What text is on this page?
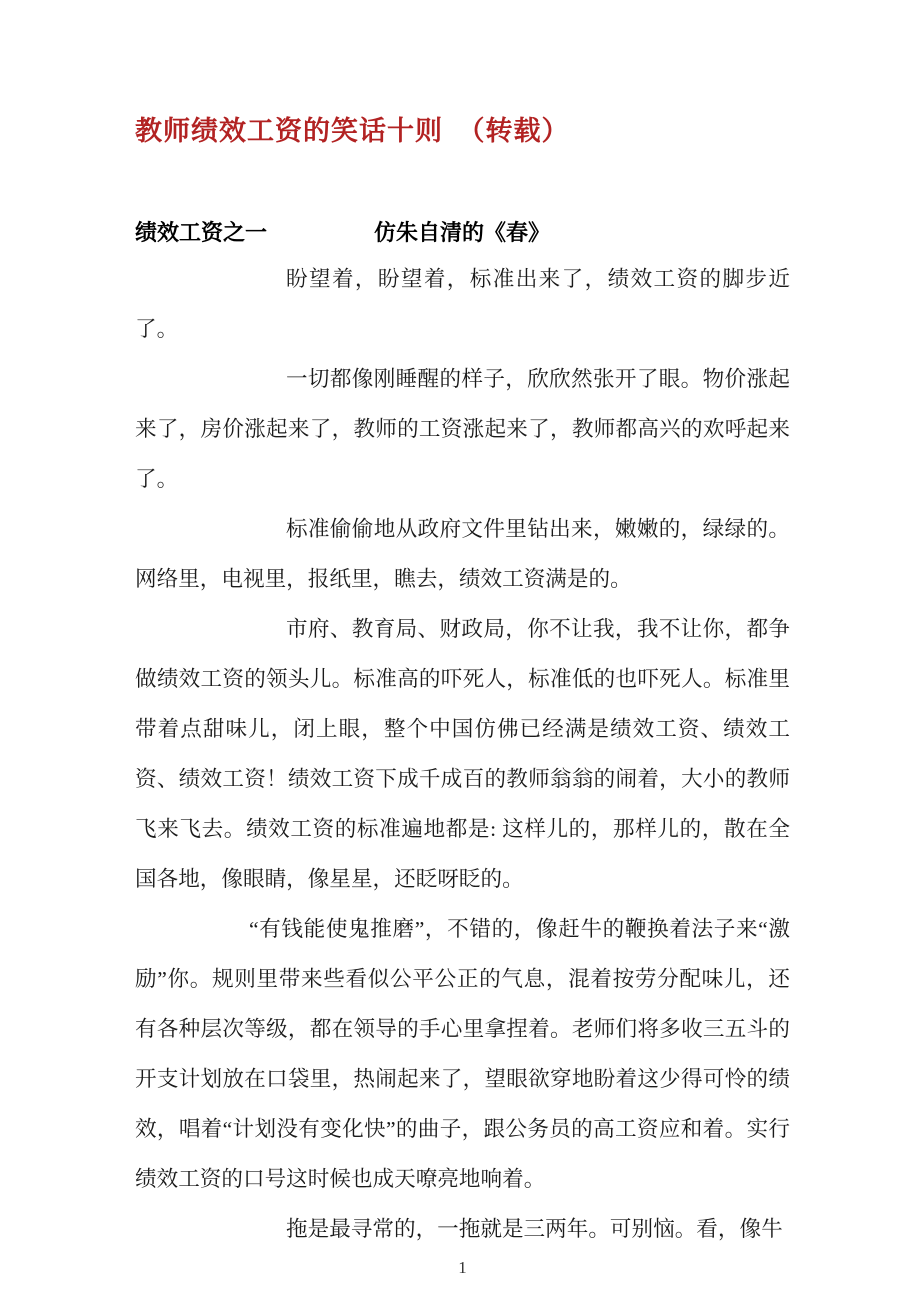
教师绩效工资的笑话十则　（转载）
绩效工资之一	仿朱自清的《春》

盼望着，盼望着，标准出来了，绩效工资的脚步近了。

一切都像刚睡醒的样子，欣欣然张开了眼。物价涨起来了，房价涨起来了，教师的工资涨起来了，教师都高兴的欢呼起来了。

标准偷偷地从政府文件里钻出来，嫩嫩的，绿绿的。网络里，电视里，报纸里，瞧去，绩效工资满是的。

市府、教育局、财政局，你不让我，我不让你，都争做绩效工资的领头儿。标准高的吓死人，标准低的也吓死人。标准里带着点甜味儿，闭上眼，整个中国仿佛已经满是绩效工资、绩效工资、绩效工资！绩效工资下成千成百的教师翁翁的闹着，大小的教师飞来飞去。绩效工资的标准遍地都是: 这样儿的，那样儿的，散在全国各地，像眼睛，像星星，还眨呀眨的。

“有钱能使鬼推磨”，不错的，像赶牛的鞭换着法子来“激励”你。规则里带来些看似公平公正的气息，混着按劳分配味儿，还有各种层次等级，都在领导的手心里拿捏着。老师们将多收三五斗的开支计划放在口袋里，热闹起来了，望眼欲穿地盼着这少得可怜的绩效，唱着“计划没有变化快”的曲子，跟公务员的高工资应和着。实行绩效工资的口号这时候也成天嘹亮地响着。

拖是最寻常的，一拖就是三两年。可别恼。看，像牛

1
